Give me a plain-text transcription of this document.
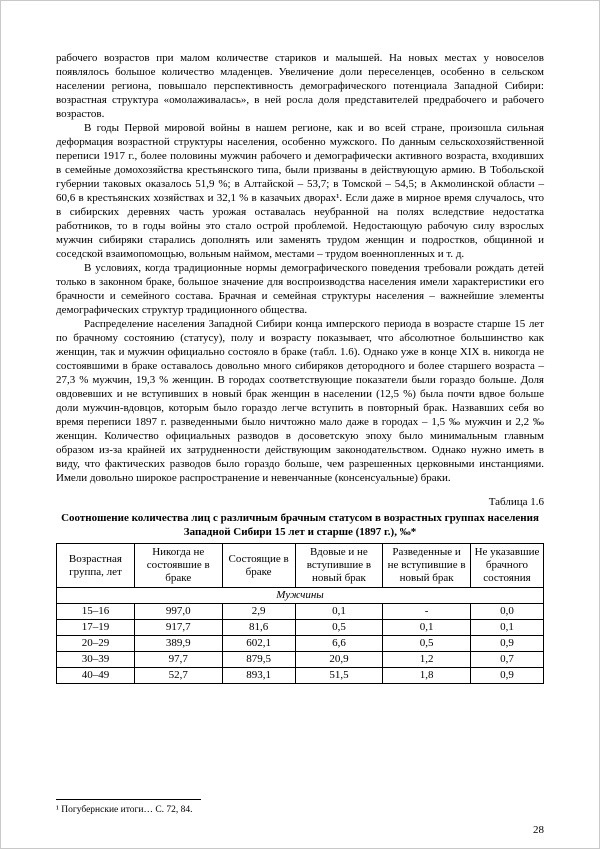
рабочего возрастов при малом количестве стариков и малышей. На новых местах у новоселов появлялось большое количество младенцев. Увеличение доли переселенцев, особенно в сельском населении региона, повышало перспективность демографического потенциала Западной Сибири: возрастная структура «омолаживалась», в ней росла доля представителей предрабочего и рабочего возрастов.

В годы Первой мировой войны в нашем регионе, как и во всей стране, произошла сильная деформация возрастной структуры населения, особенно мужского. По данным сельскохозяйственной переписи 1917 г., более половины мужчин рабочего и демографически активного возраста, входивших в семейные домохозяйства крестьянского типа, были призваны в действующую армию. В Тобольской губернии таковых оказалось 51,9 %; в Алтайской – 53,7; в Томской – 54,5; в Акмолинской области – 60,6 в крестьянских хозяйствах и 32,1 % в казачьих дворах¹. Если даже в мирное время случалось, что в сибирских деревнях часть урожая оставалась неубранной на полях вследствие недостатка работников, то в годы войны это стало острой проблемой. Недостающую рабочую силу взрослых мужчин сибиряки старались дополнять или заменять трудом женщин и подростков, общинной и соседской взаимопомощью, вольным наймом, местами – трудом военнопленных и т. д.

В условиях, когда традиционные нормы демографического поведения требовали рождать детей только в законном браке, большое значение для воспроизводства населения имели характеристики его брачности и семейного состава. Брачная и семейная структуры населения – важнейшие элементы демографических структур традиционного общества.

Распределение населения Западной Сибири конца имперского периода в возрасте старше 15 лет по брачному состоянию (статусу), полу и возрасту показывает, что абсолютное большинство как женщин, так и мужчин официально состояло в браке (табл. 1.6). Однако уже в конце XIX в. никогда не состоявшими в браке оставалось довольно много сибиряков детородного и более старшего возраста – 27,3 % мужчин, 19,3 % женщин. В городах соответствующие показатели были гораздо больше. Доля овдовевших и не вступивших в новый брак женщин в населении (12,5 %) была почти вдвое больше доли мужчин-вдовцов, которым было гораздо легче вступить в повторный брак. Назвавших себя во время переписи 1897 г. разведенными было ничтожно мало даже в городах – 1,5 ‰ мужчин и 2,2 ‰ женщин. Количество официальных разводов в досоветскую эпоху было минимальным главным образом из-за крайней их затрудненности действующим законодательством. Однако нужно иметь в виду, что фактических разводов было гораздо больше, чем разрешенных церковными инстанциями. Имели довольно широкое распространение и невенчанные (консенсуальные) браки.

Таблица 1.6
Соотношение количества лиц с различным брачным статусом в возрастных группах населения Западной Сибири 15 лет и старше (1897 г.), ‰*
Возрастная группа, лет	Никогда не состоявшие в браке	Состоящие в браке	Вдовые и не вступившие в новый брак	Разведенные и не вступившие в новый брак	Не указавшие брачного состояния
Мужчины					
15–16	997,0	2,9	0,1	-	0,0
17–19	917,7	81,6	0,5	0,1	0,1
20–29	389,9	602,1	6,6	0,5	0,9
30–39	97,7	879,5	20,9	1,2	0,7
40–49	52,7	893,1	51,5	1,8	0,9
¹ Погубернские итоги… С. 72, 84.
28
